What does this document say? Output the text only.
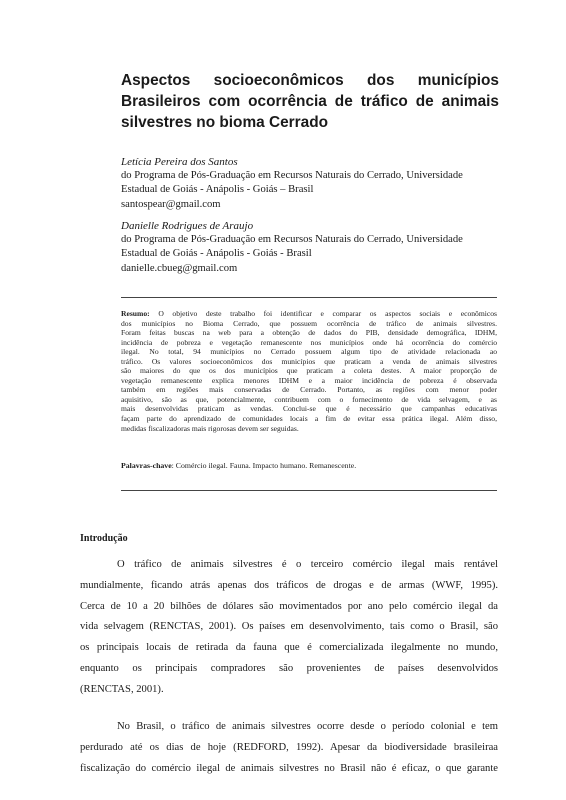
Aspectos socioeconômicos dos municípios
Brasileiros com ocorrência de tráfico de animais
silvestres no bioma Cerrado
Letícia Pereira dos Santos
do Programa de Pós-Graduação em Recursos Naturais do Cerrado, Universidade
Estadual de Goiás - Anápolis - Goiás – Brasil
santospear@gmail.com
Danielle Rodrigues de Araujo
do Programa de Pós-Graduação em Recursos Naturais do Cerrado, Universidade
Estadual de Goiás - Anápolis - Goiás - Brasil
danielle.cbueg@gmail.com
Resumo: O objetivo deste trabalho foi identificar e comparar os aspectos sociais e econômicos
dos municípios no Bioma Cerrado, que possuem ocorrência de tráfico de animais silvestres.
Foram feitas buscas na web para a obtenção de dados do PIB, densidade demográfica, IDHM,
incidência de pobreza e vegetação remanescente nos municípios onde há ocorrência do comércio
ilegal. No total, 94 municípios no Cerrado possuem algum tipo de atividade relacionada ao
tráfico. Os valores socioeconômicos dos municípios que praticam a venda de animais silvestres
são maiores do que os dos municípios que praticam a coleta destes. A maior proporção de
vegetação remanescente explica menores IDHM e a maior incidência de pobreza é observada
também em regiões mais conservadas de Cerrado. Portanto, as regiões com menor poder
aquisitivo, são as que, potencialmente, contribuem com o fornecimento de vida selvagem, e as
mais desenvolvidas praticam as vendas. Conclui-se que é necessário que campanhas educativas
façam parte do aprendizado de comunidades locais a fim de evitar essa prática ilegal. Além disso,
medidas fiscalizadoras mais rigorosas devem ser seguidas.
Palavras-chave: Comércio ilegal. Fauna. Impacto humano. Remanescente.
Introdução
O tráfico de animais silvestres é o terceiro comércio ilegal mais rentável
mundialmente, ficando atrás apenas dos tráficos de drogas e de armas (WWF, 1995).
Cerca de 10 a 20 bilhões de dólares são movimentados por ano pelo comércio ilegal da
vida selvagem (RENCTAS, 2001). Os países em desenvolvimento, tais como o Brasil, são
os principais locais de retirada da fauna que é comercializada ilegalmente no mundo,
enquanto os principais compradores são provenientes de países desenvolvidos
(RENCTAS, 2001).
No Brasil, o tráfico de animais silvestres ocorre desde o período colonial e tem
perdurado até os dias de hoje (REDFORD, 1992). Apesar da biodiversidade brasileiraa
fiscalização do comércio ilegal de animais silvestres no Brasil não é eficaz, o que garante
